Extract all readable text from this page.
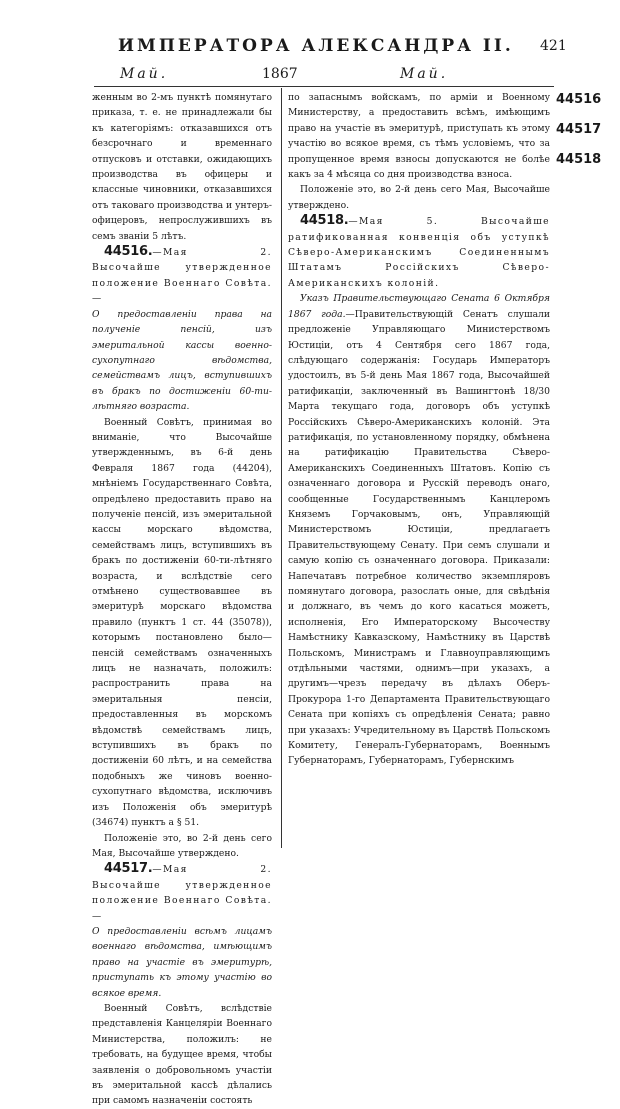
ИМПЕРАТОРА АЛЕКСАНДРА II. 421
Май.	1867	Май.

женным во 2-мъ пунктѣ помянутаго приказа, т. е. не принадлежали бы къ категоріямъ: отказавшихся отъ безсрочнаго и временнаго отпусковъ и отставки, ожидающихъ производства въ офицеры и классные чиновники, отказавшихся отъ таковаго производства и унтеръ-офицеровъ, непрослужившихъ въ семъ званіи 5 лѣтъ.

44516.—Мая 2. Высочайше утвержденное положение Военнаго Совѣта.—

О предоставленіи права на полученіе пенсій, изъ эмеритальной кассы военно-сухопутнаго вѣдомства, семействамъ лицъ, вступившихъ въ бракъ по достиженіи 60-ти-лѣтняго возраста.

Военный Совѣтъ, принимая во вниманіе, что Высочайше утвержденнымъ, въ 6-й день Февраля 1867 года (44204), мнѣніемъ Государственнаго Совѣта, опредѣлено предоставить право на полученіе пенсій, изъ эмеритальной кассы морскаго вѣдомства, семействамъ лицъ, вступившихъ въ бракъ по достиженіи 60-ти-лѣтняго возраста, и вслѣдствіе сего отмѣнено существовавшее въ эмеритурѣ морскаго вѣдомства правило (пунктъ 1 ст. 44 (35078)), которымъ постановлено было—пенсій семействамъ означенныхъ лицъ не назначать, положилъ: распространить права на эмеритальныя пенсіи, предоставленныя въ морскомъ вѣдомствѣ семействамъ лицъ, вступившихъ въ бракъ по достиженіи 60 лѣтъ, и на семейства подобныхъ же чиновъ военно-сухопутнаго вѣдомства, исключивъ изъ Положенія объ эмеритурѣ (34674) пунктъ a § 51.

Положеніе это, во 2-й день сего Мая, Высочайше утверждено.

44517.—Мая 2. Высочайше утвержденное положение Военнаго Совѣта.—

О предоставленіи всѣмъ лицамъ военнаго вѣдомства, имѣющимъ право на участіе въ эмеритурѣ, приступать къ этому участію во всякое время.

Военный Совѣтъ, вслѣдствіе представленія Канцеляріи Военнаго Министерства, положилъ: не требовать, на будущее время, чтобы заявленія о добровольномъ участіи въ эмеритальной кассѣ дѣлались при самомъ назначеніи состоять

по запаснымъ войскамъ, по арміи и Военному Министерству, а предоставить всѣмъ, имѣющимъ право на участіе въ эмеритурѣ, приступать къ этому участію во всякое время, съ тѣмъ условіемъ, что за пропущенное время взносы допускаются не болѣе какъ за 4 мѣсяца со дня производства взноса.

Положеніе это, во 2-й день сего Мая, Высочайше утверждено.

44518.—Мая 5. Высочайше ратификованная конвенція объ уступкѣ Сѣверо-Американскимъ Соединеннымъ Штатамъ Россійскихъ Сѣверо-Американскихъ колоній.

Указъ Правительствующаго Сената 6 Октября 1867 года.—Правительствующій Сенатъ слушали предложеніе Управляющаго Министерствомъ Юстиціи, отъ 4 Сентября сего 1867 года, слѣдующаго содержанія: Государь Императоръ удостоилъ, въ 5-й день Мая 1867 года, Высочайшей ратификаціи, заключенный въ Вашингтонѣ 18/30 Марта текущаго года, договоръ объ уступкѣ Россійскихъ Сѣверо-Американскихъ колоній. Эта ратификація, по установленному порядку, обмѣнена на ратификацію Правительства Сѣверо-Американскихъ Соединенныхъ Штатовъ. Копію съ означеннаго договора и Русскій переводъ онаго, сообщенные Государственнымъ Канцлеромъ Княземъ Горчаковымъ, онъ, Управляющій Министерствомъ Юстиціи, предлагаетъ Правительствующему Сенату. При семъ слушали и самую копію съ означеннаго договора. Приказали: Напечатавъ потребное количество экземпляровъ помянутаго договора, разослать оные, для свѣдѣнія и должнаго, въ чемъ до кого касаться можетъ, исполненія, Его Императорскому Высочеству Намѣстнику Кавказскому, Намѣстнику въ Царствѣ Польскомъ, Министрамъ и Главноуправляющимъ отдѣльными частями, однимъ—при указахъ, а другимъ—чрезъ передачу въ дѣлахъ Оберъ-Прокурора 1-го Департамента Правительствующаго Сената при копіяхъ съ опредѣленія Сената; равно при указахъ: Учредительному въ Царствѣ Польскомъ Комитету, Генералъ-Губернаторамъ, Военнымъ Губернаторамъ, Губернаторамъ, Губернскимъ

44516
44517
44518
